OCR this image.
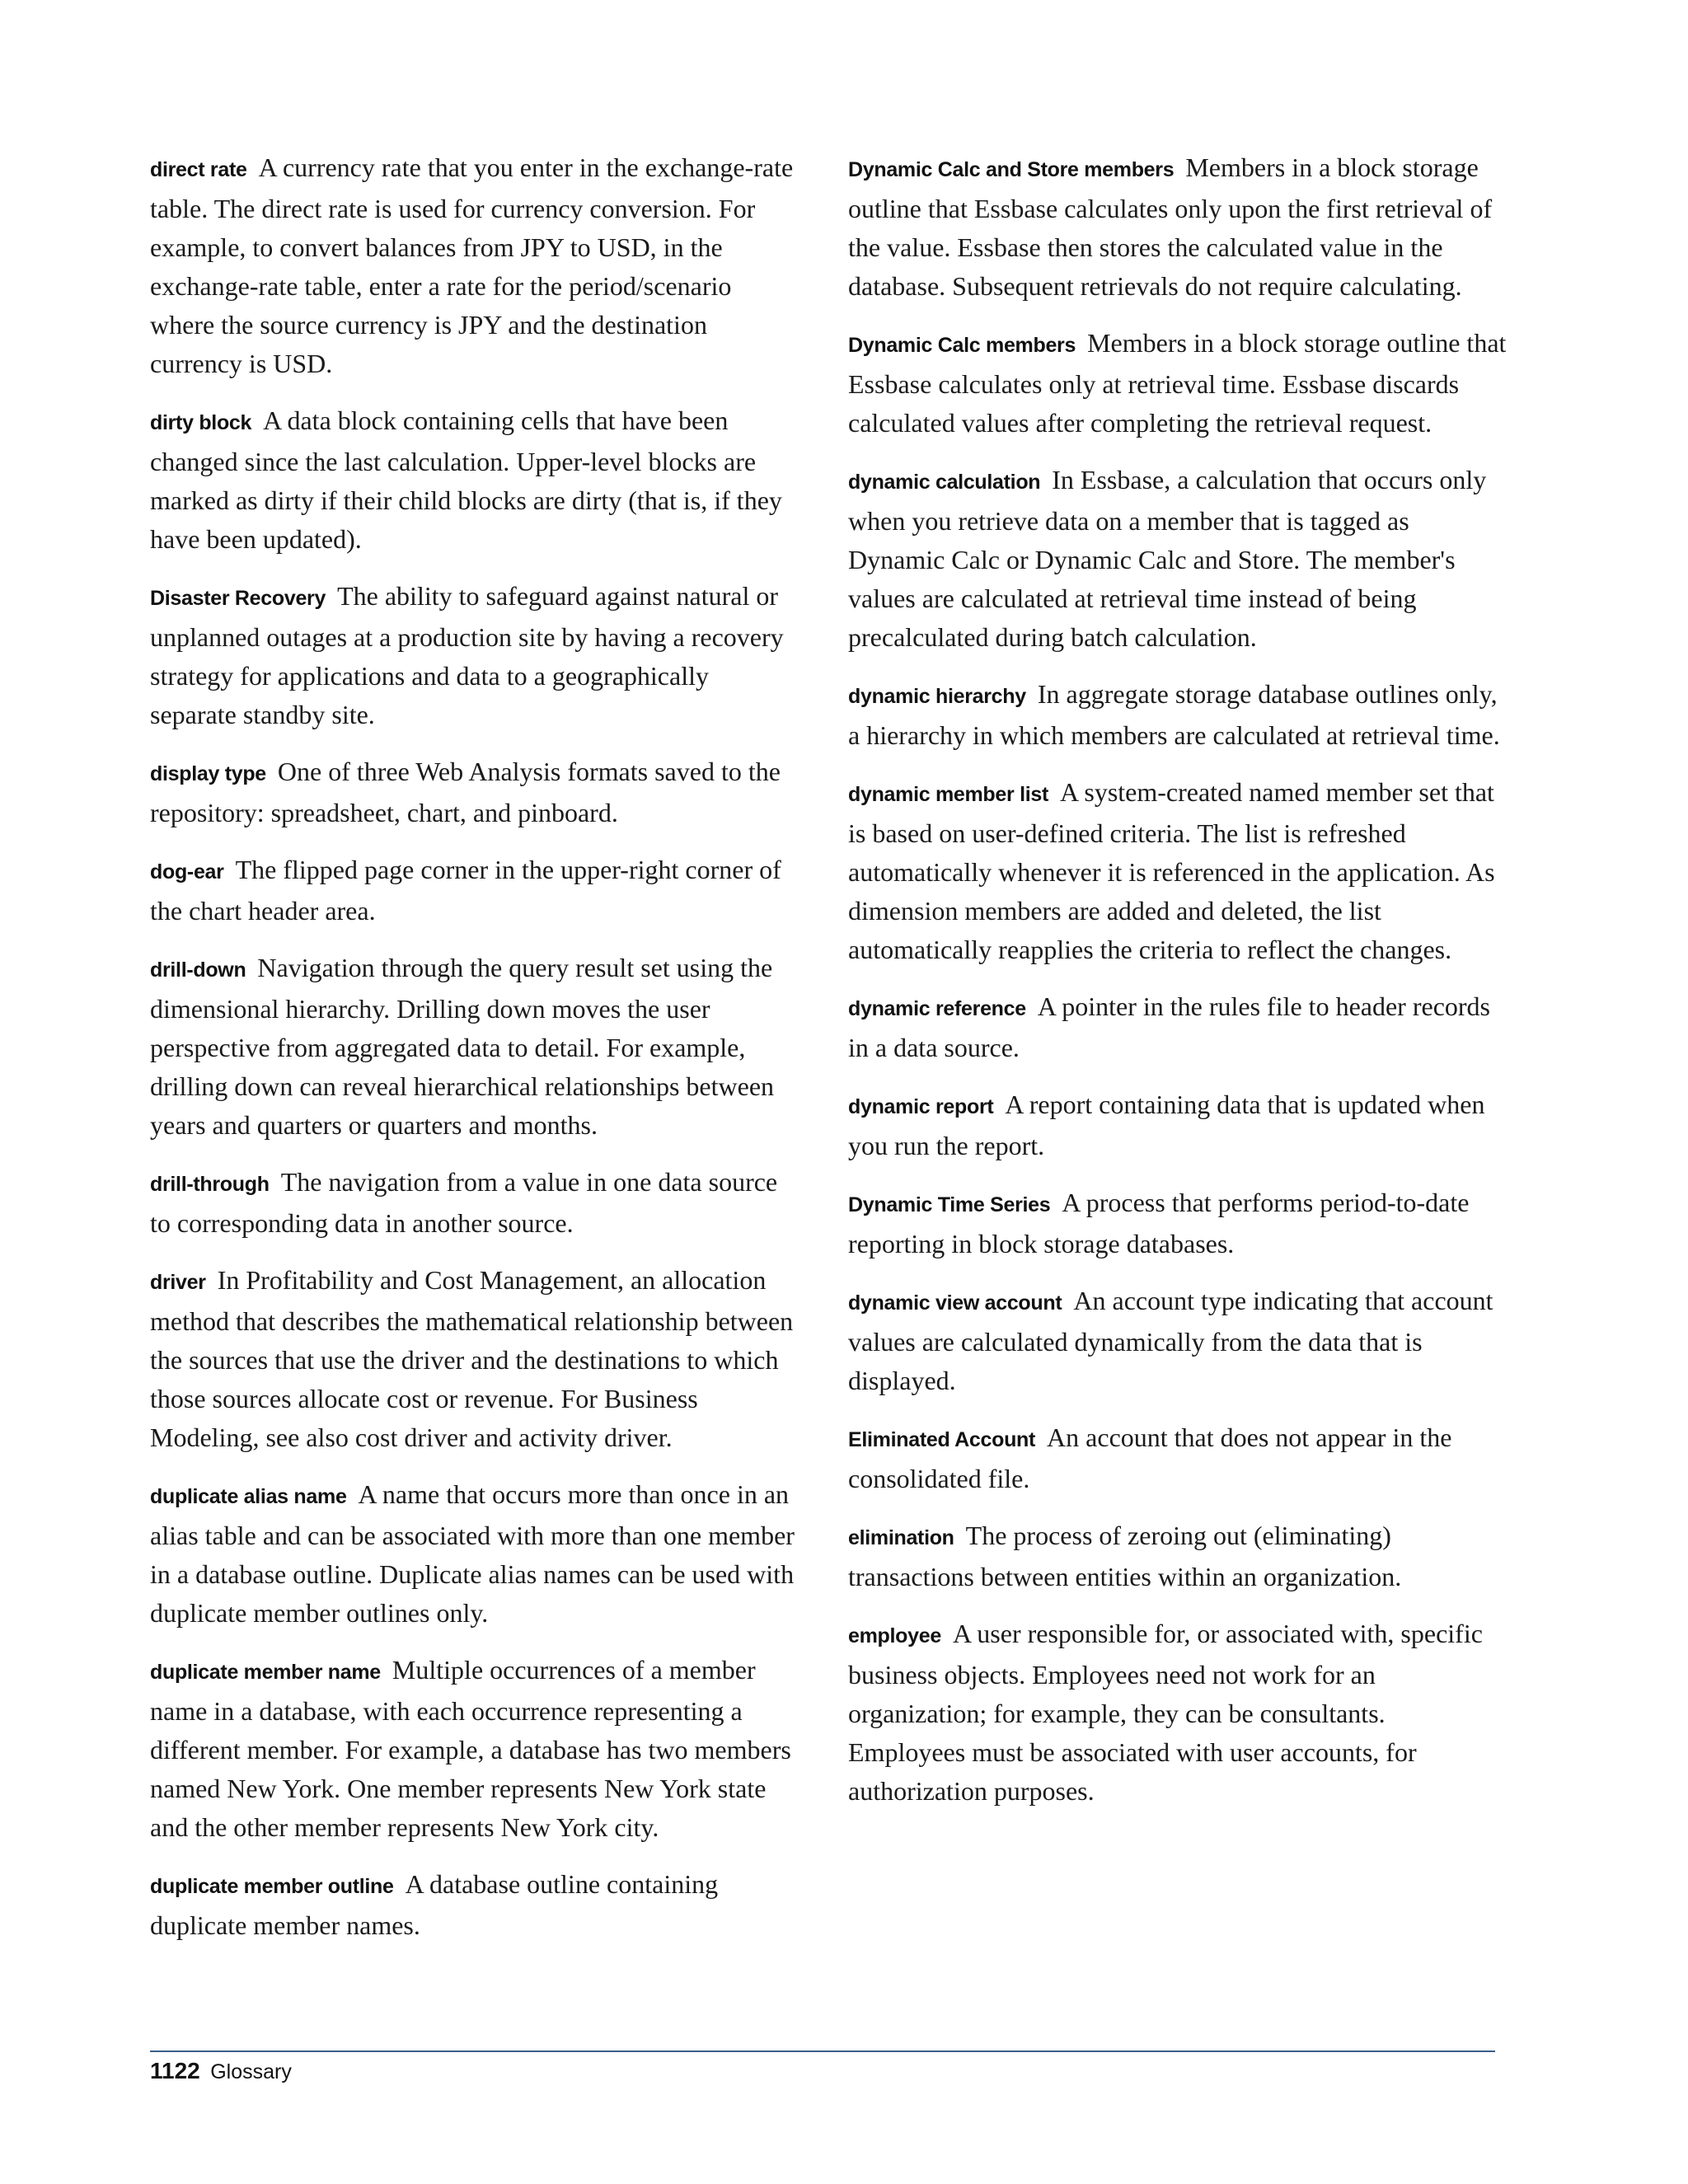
direct rate A currency rate that you enter in the exchange-rate table. The direct rate is used for currency conversion. For example, to convert balances from JPY to USD, in the exchange-rate table, enter a rate for the period/scenario where the source currency is JPY and the destination currency is USD.

dirty block A data block containing cells that have been changed since the last calculation. Upper-level blocks are marked as dirty if their child blocks are dirty (that is, if they have been updated).

Disaster Recovery The ability to safeguard against natural or unplanned outages at a production site by having a recovery strategy for applications and data to a geographically separate standby site.

display type One of three Web Analysis formats saved to the repository: spreadsheet, chart, and pinboard.

dog-ear The flipped page corner in the upper-right corner of the chart header area.

drill-down Navigation through the query result set using the dimensional hierarchy. Drilling down moves the user perspective from aggregated data to detail. For example, drilling down can reveal hierarchical relationships between years and quarters or quarters and months.

drill-through The navigation from a value in one data source to corresponding data in another source.

driver In Profitability and Cost Management, an allocation method that describes the mathematical relationship between the sources that use the driver and the destinations to which those sources allocate cost or revenue. For Business Modeling, see also cost driver and activity driver.

duplicate alias name A name that occurs more than once in an alias table and can be associated with more than one member in a database outline. Duplicate alias names can be used with duplicate member outlines only.

duplicate member name Multiple occurrences of a member name in a database, with each occurrence representing a different member. For example, a database has two members named New York. One member represents New York state and the other member represents New York city.

duplicate member outline A database outline containing duplicate member names.

Dynamic Calc and Store members Members in a block storage outline that Essbase calculates only upon the first retrieval of the value. Essbase then stores the calculated value in the database. Subsequent retrievals do not require calculating.

Dynamic Calc members Members in a block storage outline that Essbase calculates only at retrieval time. Essbase discards calculated values after completing the retrieval request.

dynamic calculation In Essbase, a calculation that occurs only when you retrieve data on a member that is tagged as Dynamic Calc or Dynamic Calc and Store. The member's values are calculated at retrieval time instead of being precalculated during batch calculation.

dynamic hierarchy In aggregate storage database outlines only, a hierarchy in which members are calculated at retrieval time.

dynamic member list A system-created named member set that is based on user-defined criteria. The list is refreshed automatically whenever it is referenced in the application. As dimension members are added and deleted, the list automatically reapplies the criteria to reflect the changes.

dynamic reference A pointer in the rules file to header records in a data source.

dynamic report A report containing data that is updated when you run the report.

Dynamic Time Series A process that performs period-to-date reporting in block storage databases.

dynamic view account An account type indicating that account values are calculated dynamically from the data that is displayed.

Eliminated Account An account that does not appear in the consolidated file.

elimination The process of zeroing out (eliminating) transactions between entities within an organization.

employee A user responsible for, or associated with, specific business objects. Employees need not work for an organization; for example, they can be consultants. Employees must be associated with user accounts, for authorization purposes.

1122 Glossary
